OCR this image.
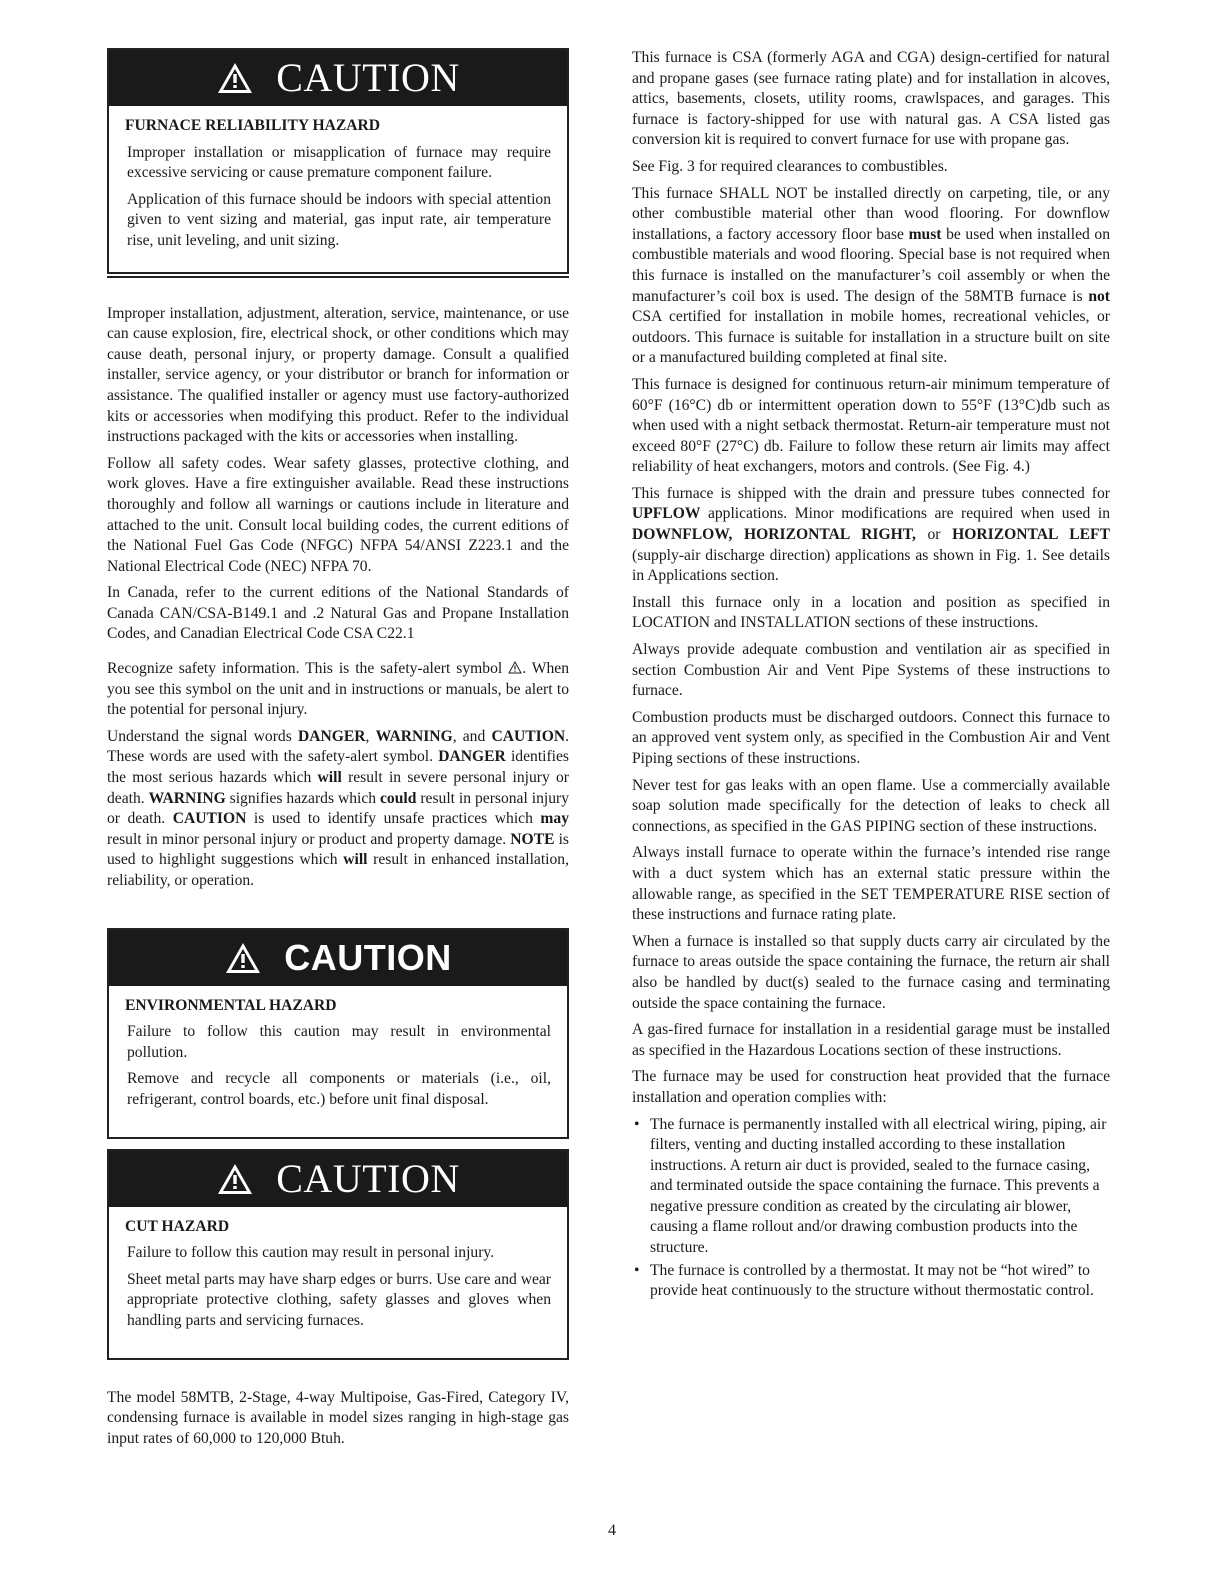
CAUTION

FURNACE RELIABILITY HAZARD

Improper installation or misapplication of furnace may require excessive servicing or cause premature component failure.

Application of this furnace should be indoors with special attention given to vent sizing and material, gas input rate, air temperature rise, unit leveling, and unit sizing.

Improper installation, adjustment, alteration, service, maintenance, or use can cause explosion, fire, electrical shock, or other conditions which may cause death, personal injury, or property damage. Consult a qualified installer, service agency, or your distributor or branch for information or assistance. The qualified installer or agency must use factory-authorized kits or accessories when modifying this product. Refer to the individual instructions packaged with the kits or accessories when installing.

Follow all safety codes. Wear safety glasses, protective clothing, and work gloves. Have a fire extinguisher available. Read these instructions thoroughly and follow all warnings or cautions include in literature and attached to the unit. Consult local building codes, the current editions of the National Fuel Gas Code (NFGC) NFPA 54/ANSI Z223.1 and the National Electrical Code (NEC) NFPA 70.

In Canada, refer to the current editions of the National Standards of Canada CAN/CSA-B149.1 and .2 Natural Gas and Propane Installation Codes, and Canadian Electrical Code CSA C22.1

Recognize safety information. This is the safety-alert symbol . When you see this symbol on the unit and in instructions or manuals, be alert to the potential for personal injury.

Understand the signal words DANGER, WARNING, and CAUTION. These words are used with the safety-alert symbol. DANGER identifies the most serious hazards which will result in severe personal injury or death. WARNING signifies hazards which could result in personal injury or death. CAUTION is used to identify unsafe practices which may result in minor personal injury or product and property damage. NOTE is used to highlight suggestions which will result in enhanced installation, reliability, or operation.

CAUTION

ENVIRONMENTAL HAZARD

Failure to follow this caution may result in environmental pollution.

Remove and recycle all components or materials (i.e., oil, refrigerant, control boards, etc.) before unit final disposal.

CAUTION

CUT HAZARD

Failure to follow this caution may result in personal injury.

Sheet metal parts may have sharp edges or burrs. Use care and wear appropriate protective clothing, safety glasses and gloves when handling parts and servicing furnaces.

The model 58MTB, 2-Stage, 4-way Multipoise, Gas-Fired, Category IV, condensing furnace is available in model sizes ranging in high-stage gas input rates of 60,000 to 120,000 Btuh.

This furnace is CSA (formerly AGA and CGA) design-certified for natural and propane gases (see furnace rating plate) and for installation in alcoves, attics, basements, closets, utility rooms, crawlspaces, and garages. This furnace is factory-shipped for use with natural gas. A CSA listed gas conversion kit is required to convert furnace for use with propane gas.

See Fig. 3 for required clearances to combustibles.

This furnace SHALL NOT be installed directly on carpeting, tile, or any other combustible material other than wood flooring. For downflow installations, a factory accessory floor base must be used when installed on combustible materials and wood flooring. Special base is not required when this furnace is installed on the manufacturer’s coil assembly or when the manufacturer’s coil box is used. The design of the 58MTB furnace is not CSA certified for installation in mobile homes, recreational vehicles, or outdoors. This furnace is suitable for installation in a structure built on site or a manufactured building completed at final site.

This furnace is designed for continuous return-air minimum temperature of 60°F (16°C) db or intermittent operation down to 55°F (13°C)db such as when used with a night setback thermostat. Return-air temperature must not exceed 80°F (27°C) db. Failure to follow these return air limits may affect reliability of heat exchangers, motors and controls. (See Fig. 4.)

This furnace is shipped with the drain and pressure tubes connected for UPFLOW applications. Minor modifications are required when used in DOWNFLOW, HORIZONTAL RIGHT, or HORIZONTAL LEFT (supply-air discharge direction) applications as shown in Fig. 1. See details in Applications section.

Install this furnace only in a location and position as specified in LOCATION and INSTALLATION sections of these instructions.

Always provide adequate combustion and ventilation air as specified in section Combustion Air and Vent Pipe Systems of these instructions to furnace.

Combustion products must be discharged outdoors. Connect this furnace to an approved vent system only, as specified in the Combustion Air and Vent Piping sections of these instructions.

Never test for gas leaks with an open flame. Use a commercially available soap solution made specifically for the detection of leaks to check all connections, as specified in the GAS PIPING section of these instructions.

Always install furnace to operate within the furnace’s intended rise range with a duct system which has an external static pressure within the allowable range, as specified in the SET TEMPERATURE RISE section of these instructions and furnace rating plate.

When a furnace is installed so that supply ducts carry air circulated by the furnace to areas outside the space containing the furnace, the return air shall also be handled by duct(s) sealed to the furnace casing and terminating outside the space containing the furnace.

A gas-fired furnace for installation in a residential garage must be installed as specified in the Hazardous Locations section of these instructions.

The furnace may be used for construction heat provided that the furnace installation and operation complies with:

• The furnace is permanently installed with all electrical wiring, piping, air filters, venting and ducting installed according to these installation instructions. A return air duct is provided, sealed to the furnace casing, and terminated outside the space containing the furnace. This prevents a negative pressure condition as created by the circulating air blower, causing a flame rollout and/or drawing combustion products into the structure.
• The furnace is controlled by a thermostat. It may not be “hot wired” to provide heat continuously to the structure without thermostatic control.
4
